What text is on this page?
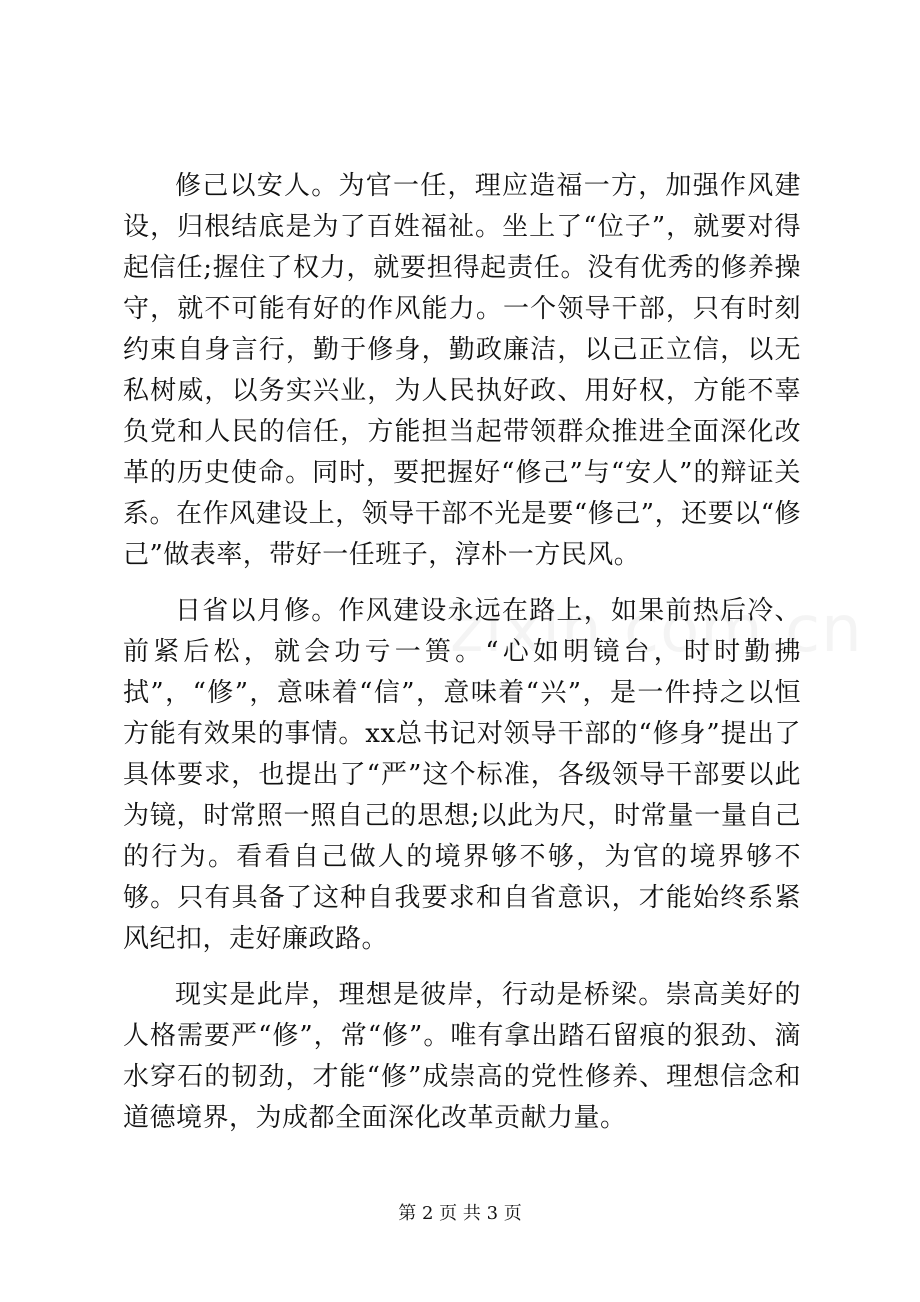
修己以安人。为官一任，理应造福一方，加强作风建设，归根结底是为了百姓福祉。坐上了“位子”，就要对得起信任;握住了权力，就要担得起责任。没有优秀的修养操守，就不可能有好的作风能力。一个领导干部，只有时刻约束自身言行，勤于修身，勤政廉洁，以己正立信，以无私树威，以务实兴业，为人民执好政、用好权，方能不辜负党和人民的信任，方能担当起带领群众推进全面深化改革的历史使命。同时，要把握好“修己”与“安人”的辩证关系。在作风建设上，领导干部不光是要“修己”，还要以“修己”做表率，带好一任班子，淳朴一方民风。

日省以月修。作风建设永远在路上，如果前热后冷、前紧后松，就会功亏一篑。“心如明镜台，时时勤拂拭”，“修”，意味着“信”，意味着“兴”，是一件持之以恒方能有效果的事情。xx总书记对领导干部的“修身”提出了具体要求，也提出了“严”这个标准，各级领导干部要以此为镜，时常照一照自己的思想;以此为尺，时常量一量自己的行为。看看自己做人的境界够不够，为官的境界够不够。只有具备了这种自我要求和自省意识，才能始终系紧风纪扣，走好廉政路。

现实是此岸，理想是彼岸，行动是桥梁。崇高美好的人格需要严“修”，常“修”。唯有拿出踏石留痕的狠劲、滴水穿石的韧劲，才能“修”成崇高的党性修养、理想信念和道德境界，为成都全面深化改革贡献力量。

第 2 页 共 3 页
